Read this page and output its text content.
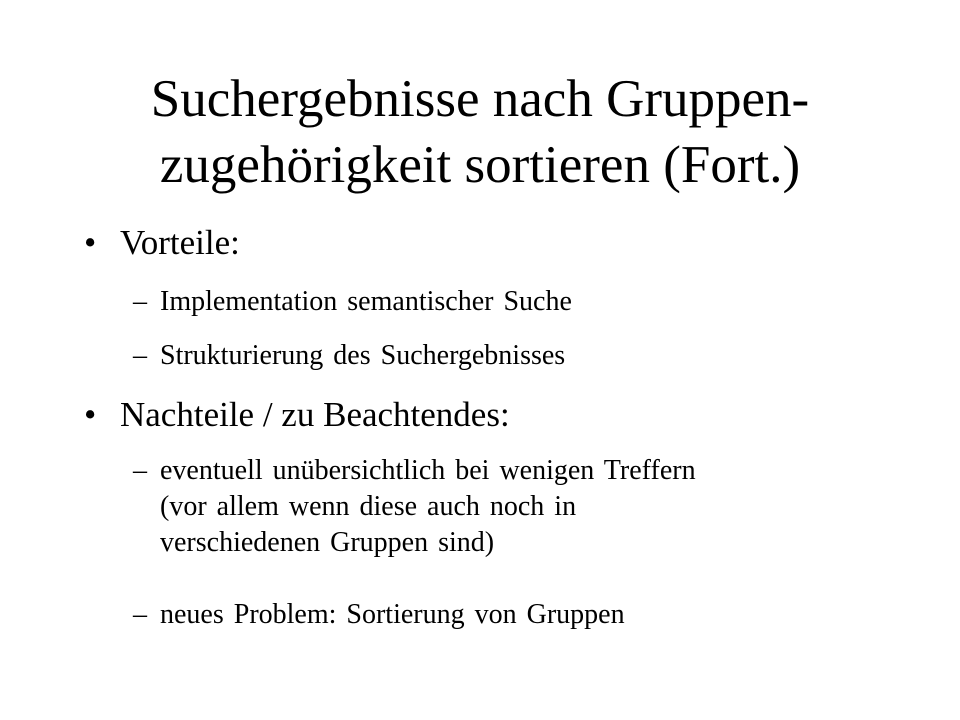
Suchergebnisse nach Gruppen-
zugehörigkeit sortieren (Fort.)
• Vorteile:
– Implementation semantischer Suche
– Strukturierung des Suchergebnisses
• Nachteile / zu Beachtendes:
– eventuell unübersichtlich bei wenigen Treffern
(vor allem wenn diese auch noch in
verschiedenen Gruppen sind)
– neues Problem: Sortierung von Gruppen
